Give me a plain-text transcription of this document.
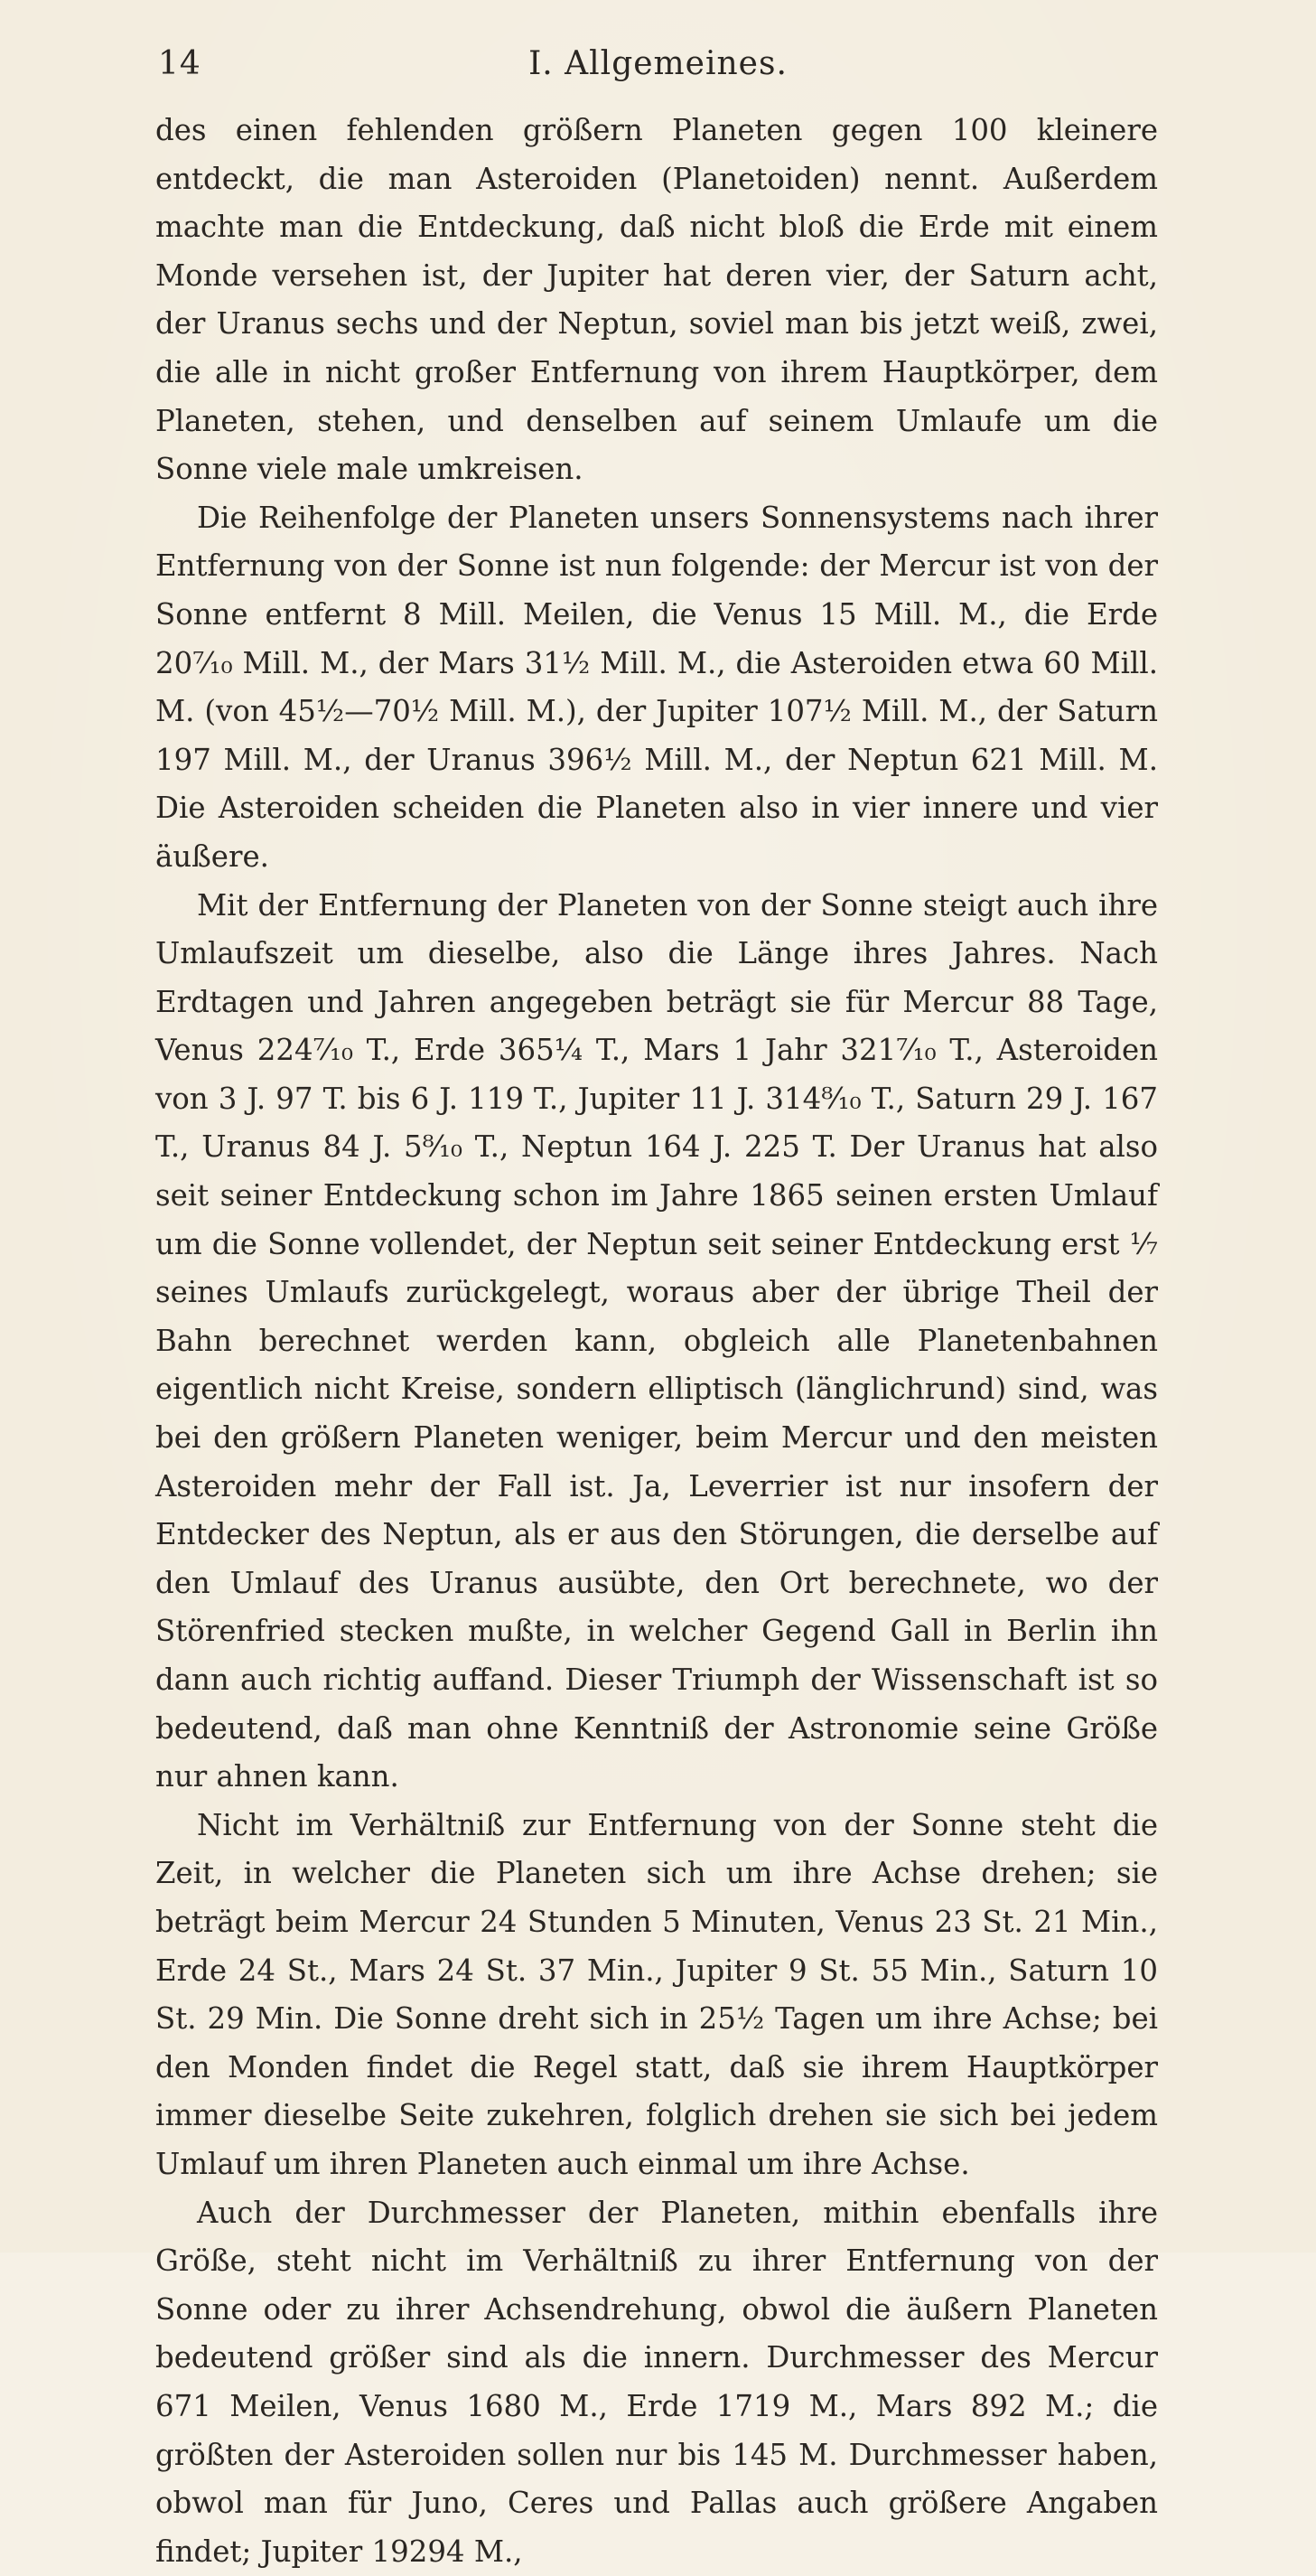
14	I. Allgemeines.

des einen fehlenden größern Planeten gegen 100 kleinere entdeckt, die man Asteroiden (Planetoiden) nennt. Außerdem machte man die Entdeckung, daß nicht bloß die Erde mit einem Monde versehen ist, der Jupiter hat deren vier, der Saturn acht, der Uranus sechs und der Neptun, soviel man bis jetzt weiß, zwei, die alle in nicht großer Entfernung von ihrem Hauptkörper, dem Planeten, stehen, und denselben auf seinem Umlaufe um die Sonne viele male umkreisen.

Die Reihenfolge der Planeten unsers Sonnensystems nach ihrer Entfernung von der Sonne ist nun folgende: der Mercur ist von der Sonne entfernt 8 Mill. Meilen, die Venus 15 Mill. M., die Erde 20⁷⁄₁₀ Mill. M., der Mars 31½ Mill. M., die Asteroiden etwa 60 Mill. M. (von 45½—70½ Mill. M.), der Jupiter 107½ Mill. M., der Saturn 197 Mill. M., der Uranus 396½ Mill. M., der Neptun 621 Mill. M. Die Asteroiden scheiden die Planeten also in vier innere und vier äußere.

Mit der Entfernung der Planeten von der Sonne steigt auch ihre Umlaufszeit um dieselbe, also die Länge ihres Jahres. Nach Erdtagen und Jahren angegeben beträgt sie für Mercur 88 Tage, Venus 224⁷⁄₁₀ T., Erde 365¼ T., Mars 1 Jahr 321⁷⁄₁₀ T., Asteroiden von 3 J. 97 T. bis 6 J. 119 T., Jupiter 11 J. 314⁸⁄₁₀ T., Saturn 29 J. 167 T., Uranus 84 J. 5⁸⁄₁₀ T., Neptun 164 J. 225 T. Der Uranus hat also seit seiner Entdeckung schon im Jahre 1865 seinen ersten Umlauf um die Sonne vollendet, der Neptun seit seiner Entdeckung erst ⅐ seines Umlaufs zurückgelegt, woraus aber der übrige Theil der Bahn berechnet werden kann, obgleich alle Planetenbahnen eigentlich nicht Kreise, sondern elliptisch (länglichrund) sind, was bei den größern Planeten weniger, beim Mercur und den meisten Asteroiden mehr der Fall ist. Ja, Leverrier ist nur insofern der Entdecker des Neptun, als er aus den Störungen, die derselbe auf den Umlauf des Uranus ausübte, den Ort berechnete, wo der Störenfried stecken mußte, in welcher Gegend Gall in Berlin ihn dann auch richtig auffand. Dieser Triumph der Wissenschaft ist so bedeutend, daß man ohne Kenntniß der Astronomie seine Größe nur ahnen kann.

Nicht im Verhältniß zur Entfernung von der Sonne steht die Zeit, in welcher die Planeten sich um ihre Achse drehen; sie beträgt beim Mercur 24 Stunden 5 Minuten, Venus 23 St. 21 Min., Erde 24 St., Mars 24 St. 37 Min., Jupiter 9 St. 55 Min., Saturn 10 St. 29 Min. Die Sonne dreht sich in 25½ Tagen um ihre Achse; bei den Monden findet die Regel statt, daß sie ihrem Hauptkörper immer dieselbe Seite zukehren, folglich drehen sie sich bei jedem Umlauf um ihren Planeten auch einmal um ihre Achse.

Auch der Durchmesser der Planeten, mithin ebenfalls ihre Größe, steht nicht im Verhältniß zu ihrer Entfernung von der Sonne oder zu ihrer Achsendrehung, obwol die äußern Planeten bedeutend größer sind als die innern. Durchmesser des Mercur 671 Meilen, Venus 1680 M., Erde 1719 M., Mars 892 M.; die größten der Asteroiden sollen nur bis 145 M. Durchmesser haben, obwol man für Juno, Ceres und Pallas auch größere Angaben findet; Jupiter 19294 M.,
